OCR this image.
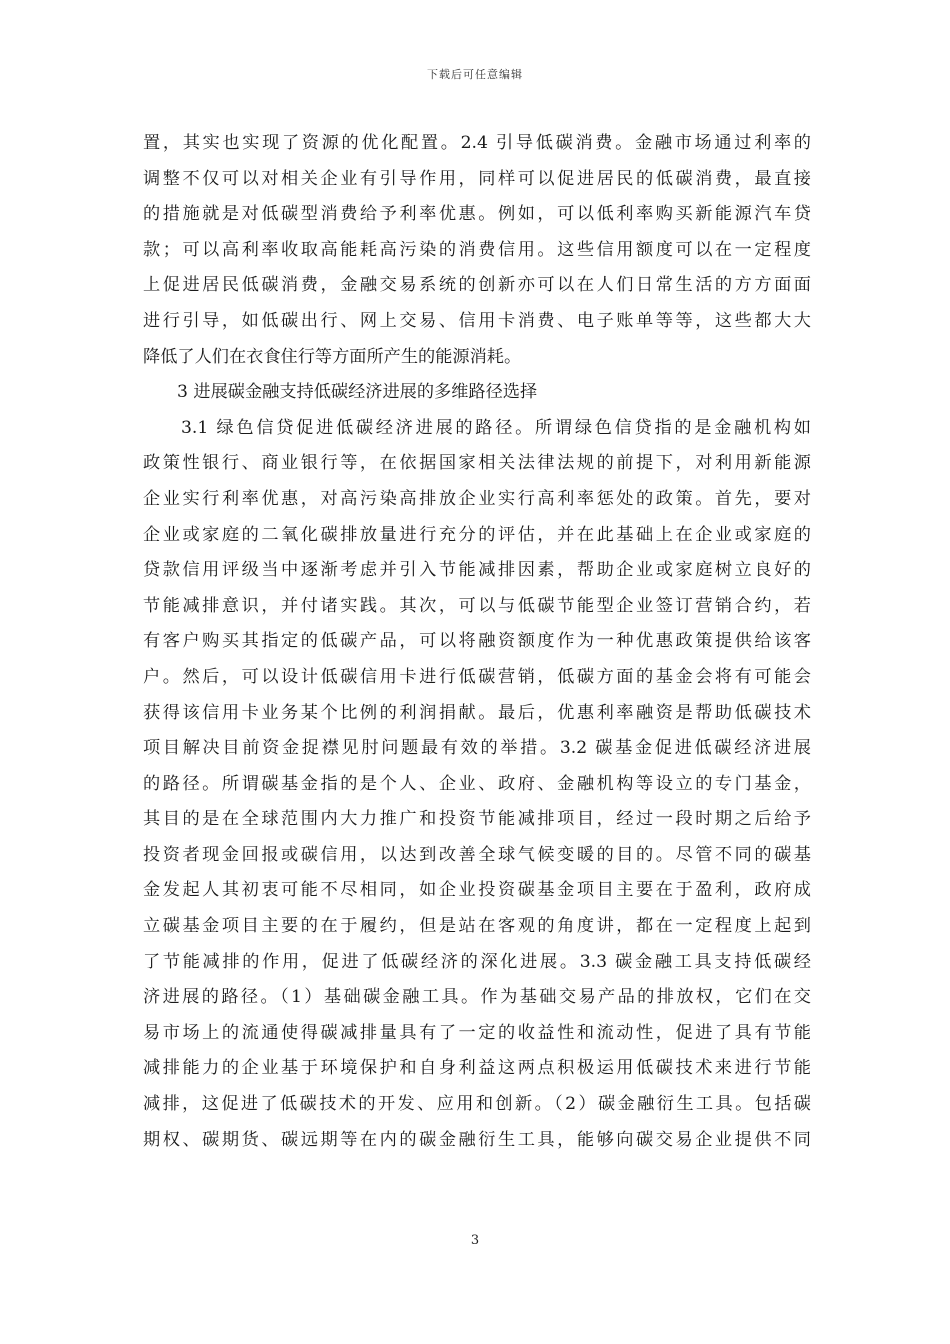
下载后可任意编辑
置，其实也实现了资源的优化配置。2.4 引导低碳消费。金融市场通过利率的
调整不仅可以对相关企业有引导作用，同样可以促进居民的低碳消费，最直接
的措施就是对低碳型消费给予利率优惠。例如，可以低利率购买新能源汽车贷
款；可以高利率收取高能耗高污染的消费信用。这些信用额度可以在一定程度
上促进居民低碳消费，金融交易系统的创新亦可以在人们日常生活的方方面面
进行引导，如低碳出行、网上交易、信用卡消费、电子账单等等，这些都大大
降低了人们在衣食住行等方面所产生的能源消耗。
3 进展碳金融支持低碳经济进展的多维路径选择
3.1 绿色信贷促进低碳经济进展的路径。所谓绿色信贷指的是金融机构如
政策性银行、商业银行等，在依据国家相关法律法规的前提下，对利用新能源
企业实行利率优惠，对高污染高排放企业实行高利率惩处的政策。首先，要对
企业或家庭的二氧化碳排放量进行充分的评估，并在此基础上在企业或家庭的
贷款信用评级当中逐渐考虑并引入节能减排因素，帮助企业或家庭树立良好的
节能减排意识，并付诸实践。其次，可以与低碳节能型企业签订营销合约，若
有客户购买其指定的低碳产品，可以将融资额度作为一种优惠政策提供给该客
户。然后，可以设计低碳信用卡进行低碳营销，低碳方面的基金会将有可能会
获得该信用卡业务某个比例的利润捐献。最后，优惠利率融资是帮助低碳技术
项目解决目前资金捉襟见肘问题最有效的举措。3.2 碳基金促进低碳经济进展
的路径。所谓碳基金指的是个人、企业、政府、金融机构等设立的专门基金，
其目的是在全球范围内大力推广和投资节能减排项目，经过一段时期之后给予
投资者现金回报或碳信用，以达到改善全球气候变暖的目的。尽管不同的碳基
金发起人其初衷可能不尽相同，如企业投资碳基金项目主要在于盈利，政府成
立碳基金项目主要的在于履约，但是站在客观的角度讲，都在一定程度上起到
了节能减排的作用，促进了低碳经济的深化进展。3.3 碳金融工具支持低碳经
济进展的路径。（1）基础碳金融工具。作为基础交易产品的排放权，它们在交
易市场上的流通使得碳减排量具有了一定的收益性和流动性，促进了具有节能
减排能力的企业基于环境保护和自身利益这两点积极运用低碳技术来进行节能
减排，这促进了低碳技术的开发、应用和创新。（2）碳金融衍生工具。包括碳
期权、碳期货、碳远期等在内的碳金融衍生工具，能够向碳交易企业提供不同
3
